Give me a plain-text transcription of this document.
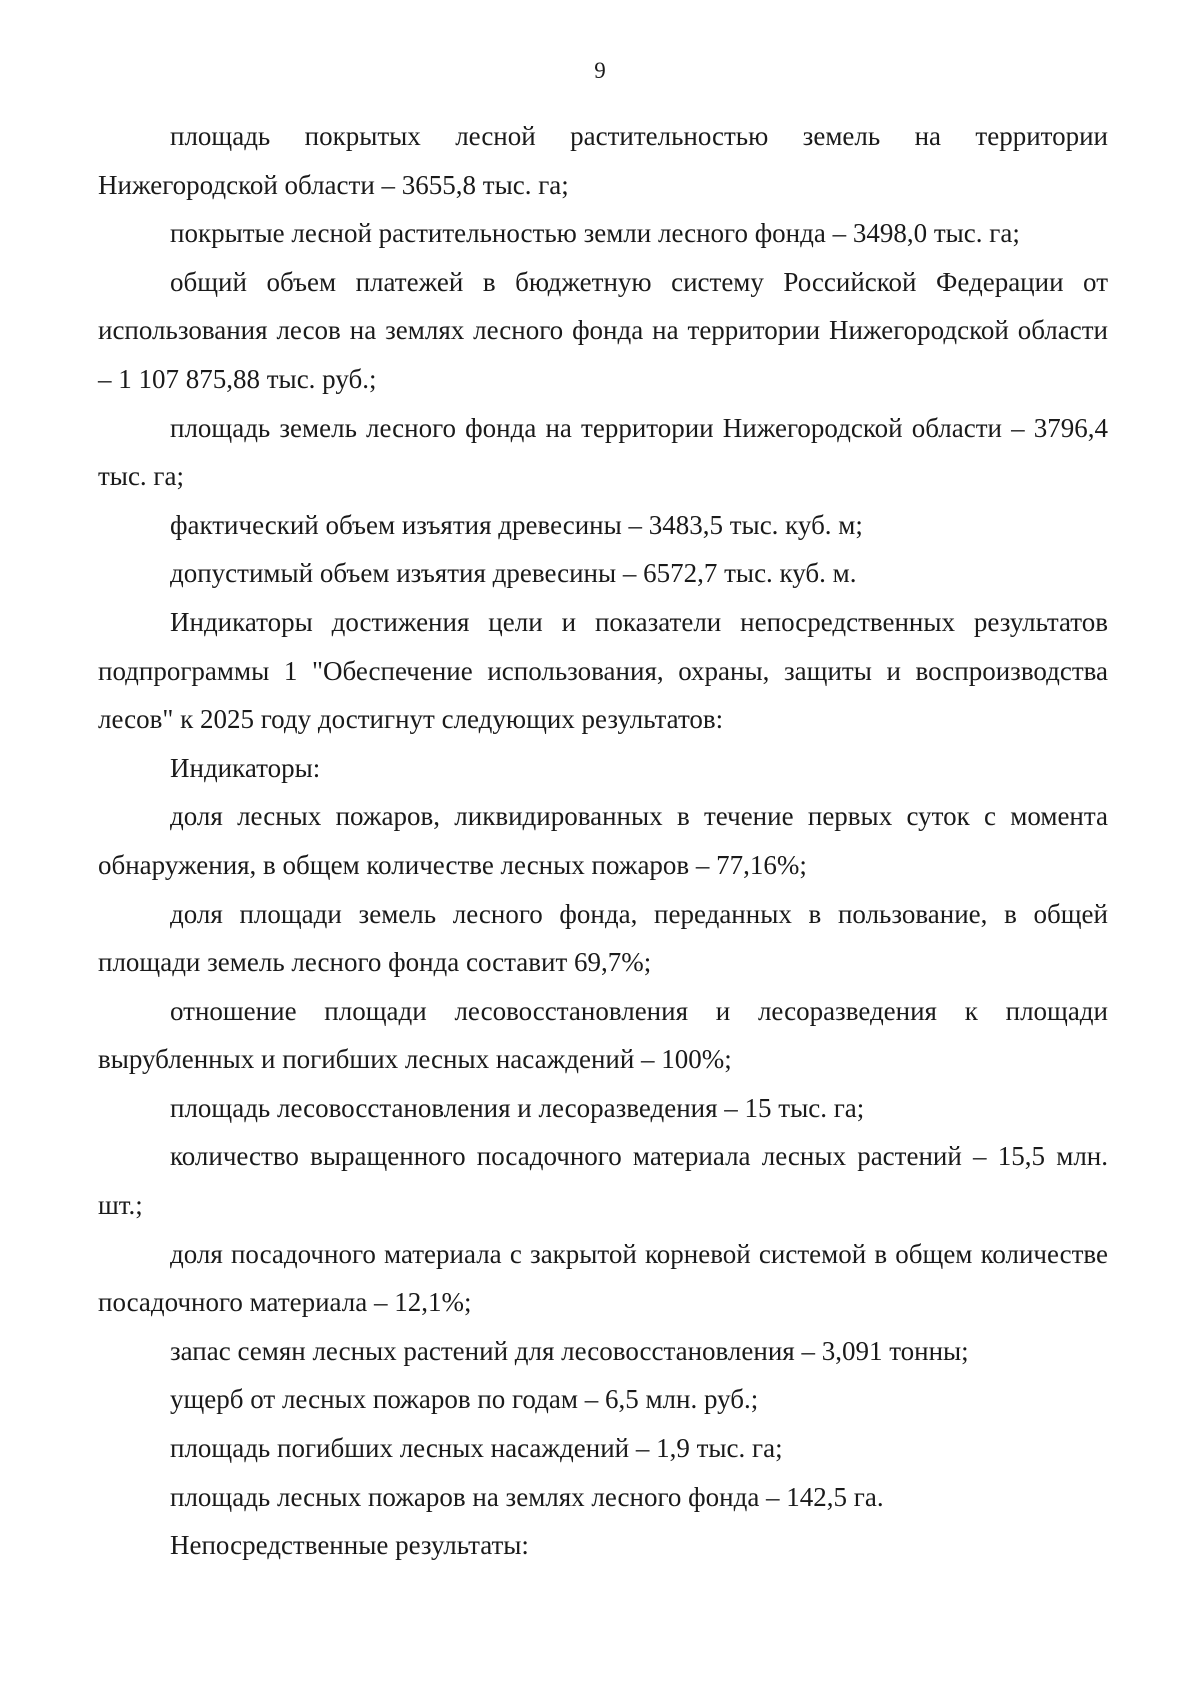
9

площадь покрытых лесной растительностью земель на территории Нижегородской области – 3655,8 тыс. га;

покрытые лесной растительностью земли лесного фонда – 3498,0 тыс. га;

общий объем платежей в бюджетную систему Российской Федерации от использования лесов на землях лесного фонда на территории Нижегородской области – 1 107 875,88 тыс. руб.;

площадь земель лесного фонда на территории Нижегородской области – 3796,4 тыс. га;

фактический объем изъятия древесины – 3483,5 тыс. куб. м;

допустимый объем изъятия древесины – 6572,7 тыс. куб. м.

Индикаторы достижения цели и показатели непосредственных результатов подпрограммы 1 "Обеспечение использования, охраны, защиты и воспроизводства лесов" к 2025 году достигнут следующих результатов:

Индикаторы:

доля лесных пожаров, ликвидированных в течение первых суток с момента обнаружения, в общем количестве лесных пожаров – 77,16%;

доля площади земель лесного фонда, переданных в пользование, в общей площади земель лесного фонда составит 69,7%;

отношение площади лесовосстановления и лесоразведения к площади вырубленных и погибших лесных насаждений – 100%;

площадь лесовосстановления и лесоразведения – 15 тыс. га;

количество выращенного посадочного материала лесных растений – 15,5 млн. шт.;

доля посадочного материала с закрытой корневой системой в общем количестве посадочного материала – 12,1%;

запас семян лесных растений для лесовосстановления – 3,091 тонны;

ущерб от лесных пожаров по годам – 6,5 млн. руб.;

площадь погибших лесных насаждений – 1,9 тыс. га;

площадь лесных пожаров на землях лесного фонда – 142,5 га.

Непосредственные результаты:
